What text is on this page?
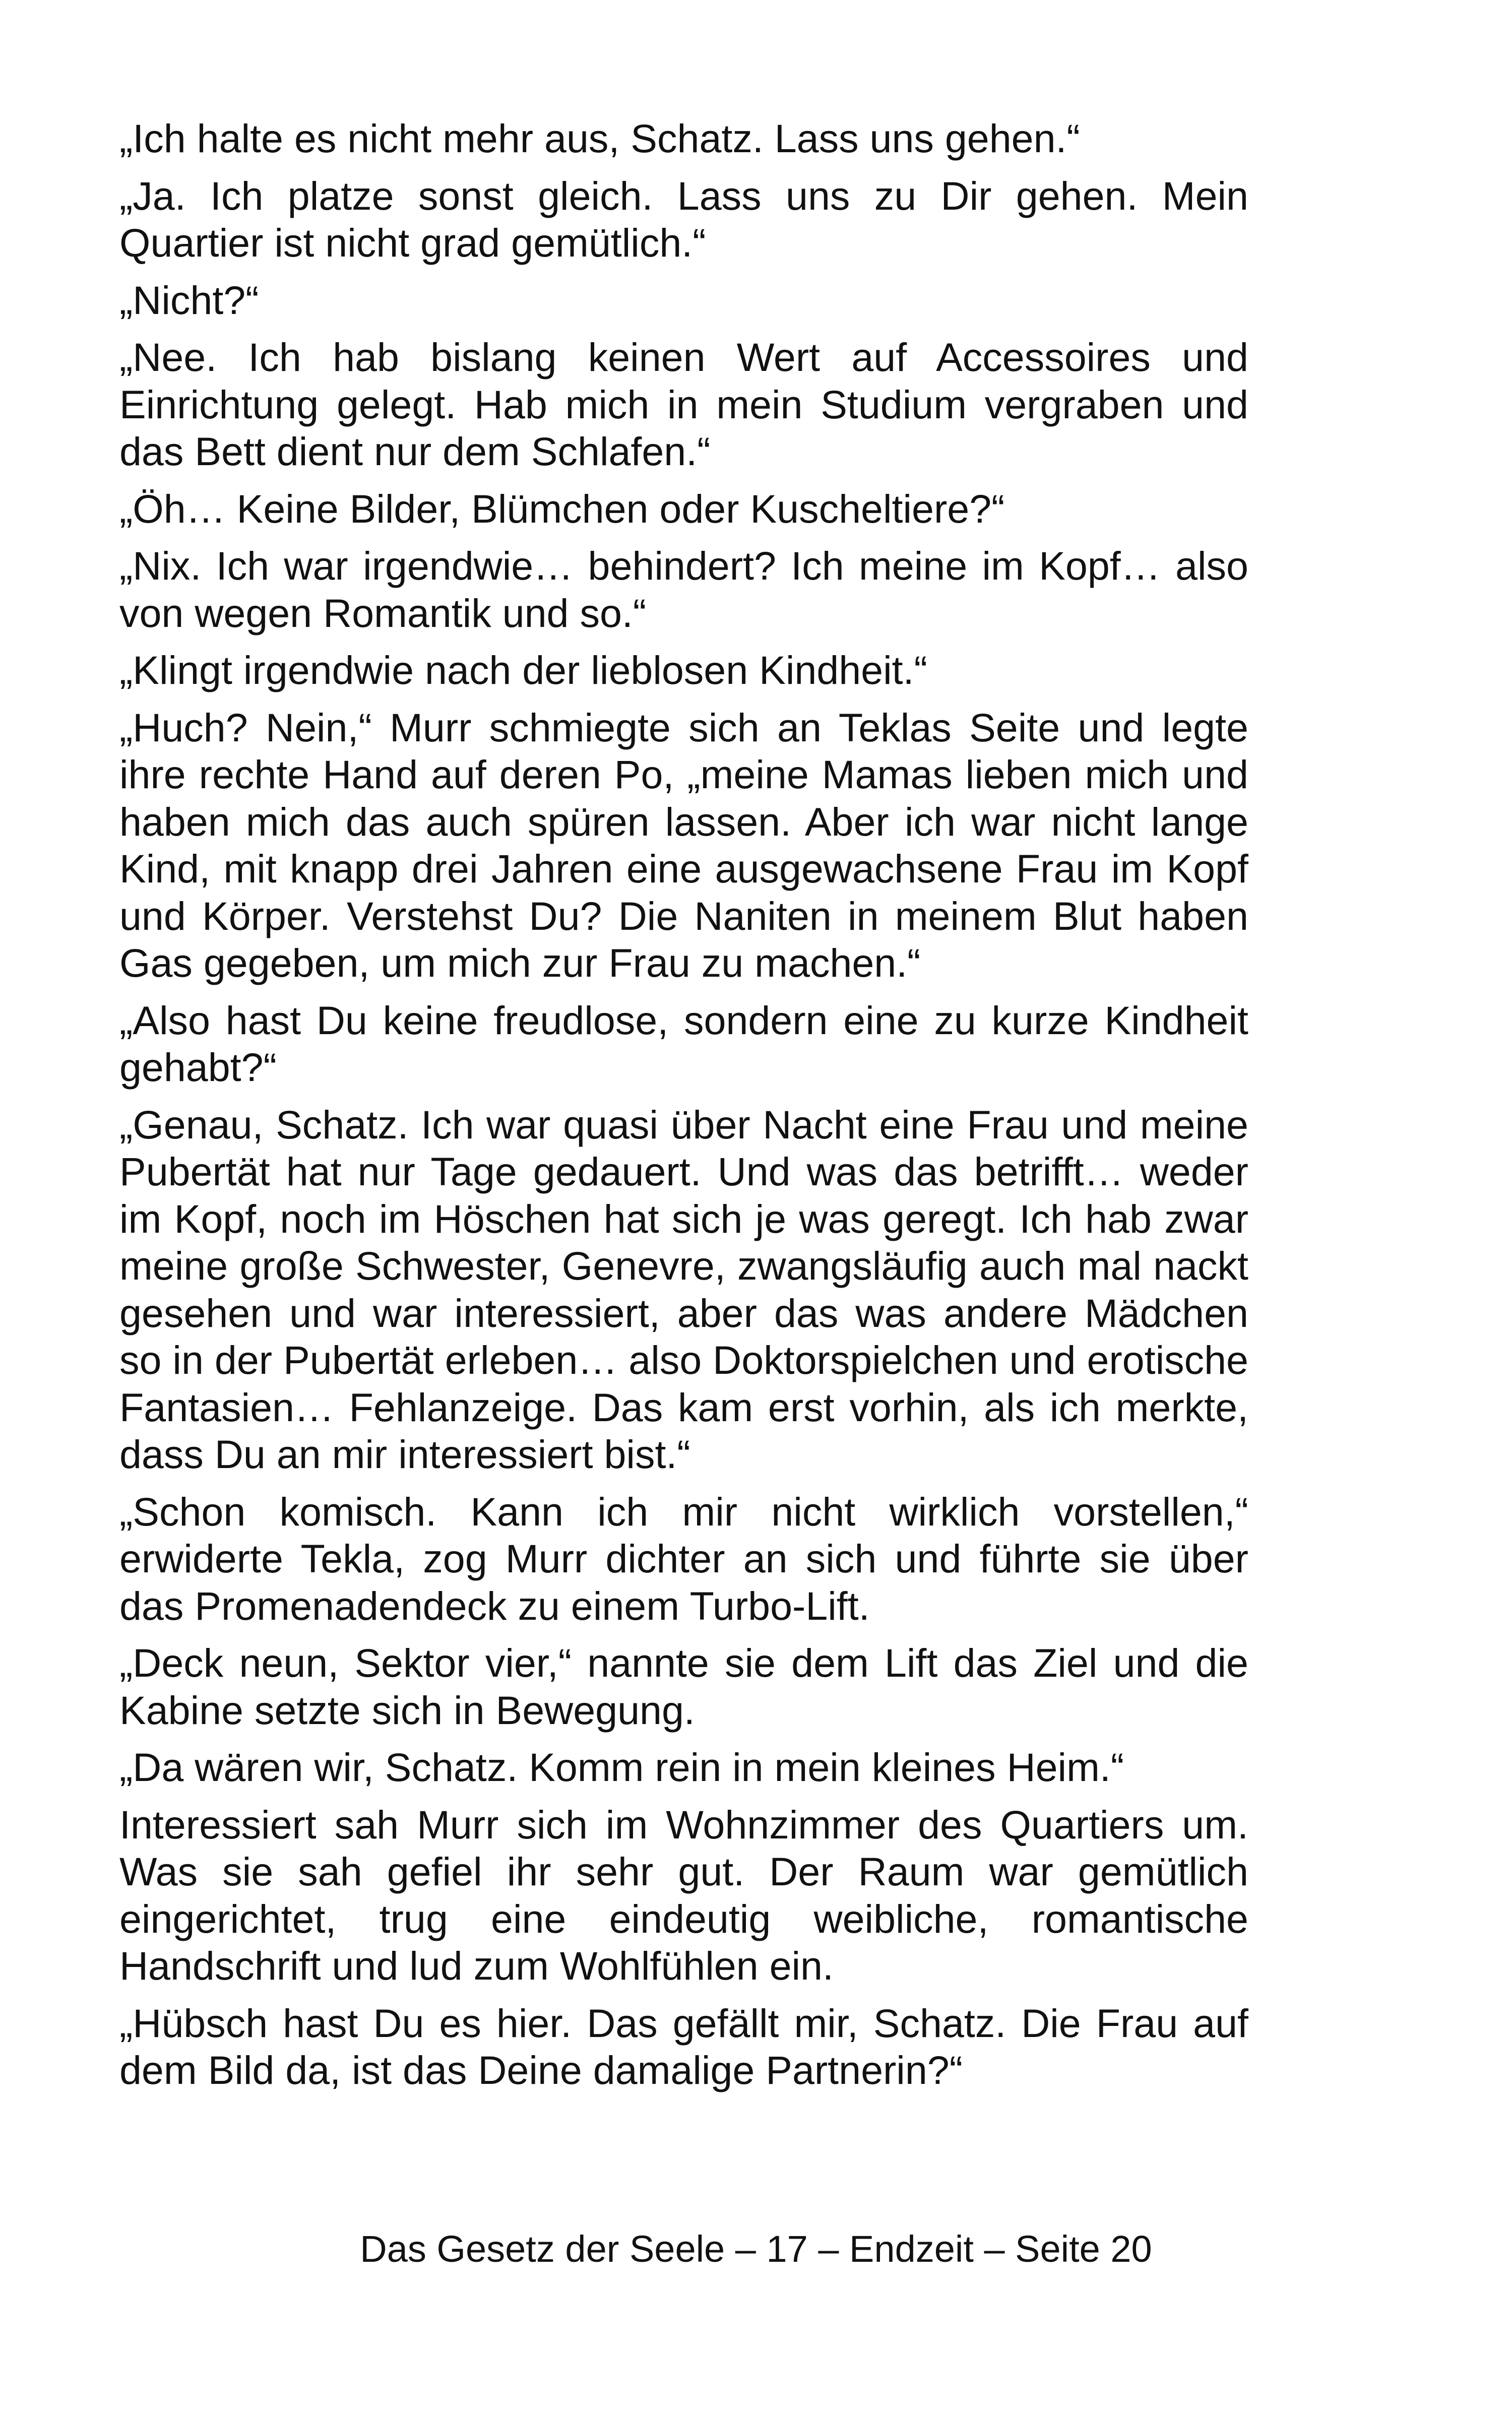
„Ich halte es nicht mehr aus, Schatz. Lass uns gehen.“

„Ja. Ich platze sonst gleich. Lass uns zu Dir gehen. Mein Quartier ist nicht grad gemütlich.“

„Nicht?“

„Nee. Ich hab bislang keinen Wert auf Accessoires und Einrichtung gelegt. Hab mich in mein Studium vergraben und das Bett dient nur dem Schlafen.“

„Öh… Keine Bilder, Blümchen oder Kuscheltiere?“

„Nix. Ich war irgendwie… behindert? Ich meine im Kopf… also von wegen Romantik und so.“

„Klingt irgendwie nach der lieblosen Kindheit.“

„Huch? Nein,“ Murr schmiegte sich an Teklas Seite und legte ihre rechte Hand auf deren Po, „meine Mamas lieben mich und haben mich das auch spüren lassen. Aber ich war nicht lange Kind, mit knapp drei Jahren eine ausgewachsene Frau im Kopf und Körper. Verstehst Du? Die Naniten in meinem Blut haben Gas gegeben, um mich zur Frau zu machen.“

„Also hast Du keine freudlose, sondern eine zu kurze Kindheit gehabt?“

„Genau, Schatz. Ich war quasi über Nacht eine Frau und meine Pubertät hat nur Tage gedauert. Und was das betrifft… weder im Kopf, noch im Höschen hat sich je was geregt. Ich hab zwar meine große Schwester, Genevre, zwangsläufig auch mal nackt gesehen und war interessiert, aber das was andere Mädchen so in der Pubertät erleben… also Doktorspielchen und erotische Fantasien… Fehlanzeige. Das kam erst vorhin, als ich merkte, dass Du an mir interessiert bist.“

„Schon komisch. Kann ich mir nicht wirklich vorstellen,“ erwiderte Tekla, zog Murr dichter an sich und führte sie über das Promenadendeck zu einem Turbo-Lift.

„Deck neun, Sektor vier,“ nannte sie dem Lift das Ziel und die Kabine setzte sich in Bewegung.

„Da wären wir, Schatz. Komm rein in mein kleines Heim.“

Interessiert sah Murr sich im Wohnzimmer des Quartiers um. Was sie sah gefiel ihr sehr gut. Der Raum war gemütlich eingerichtet, trug eine eindeutig weibliche, romantische Handschrift und lud zum Wohlfühlen ein.

„Hübsch hast Du es hier. Das gefällt mir, Schatz. Die Frau auf dem Bild da, ist das Deine damalige Partnerin?“

Das Gesetz der Seele – 17 – Endzeit – Seite 20
